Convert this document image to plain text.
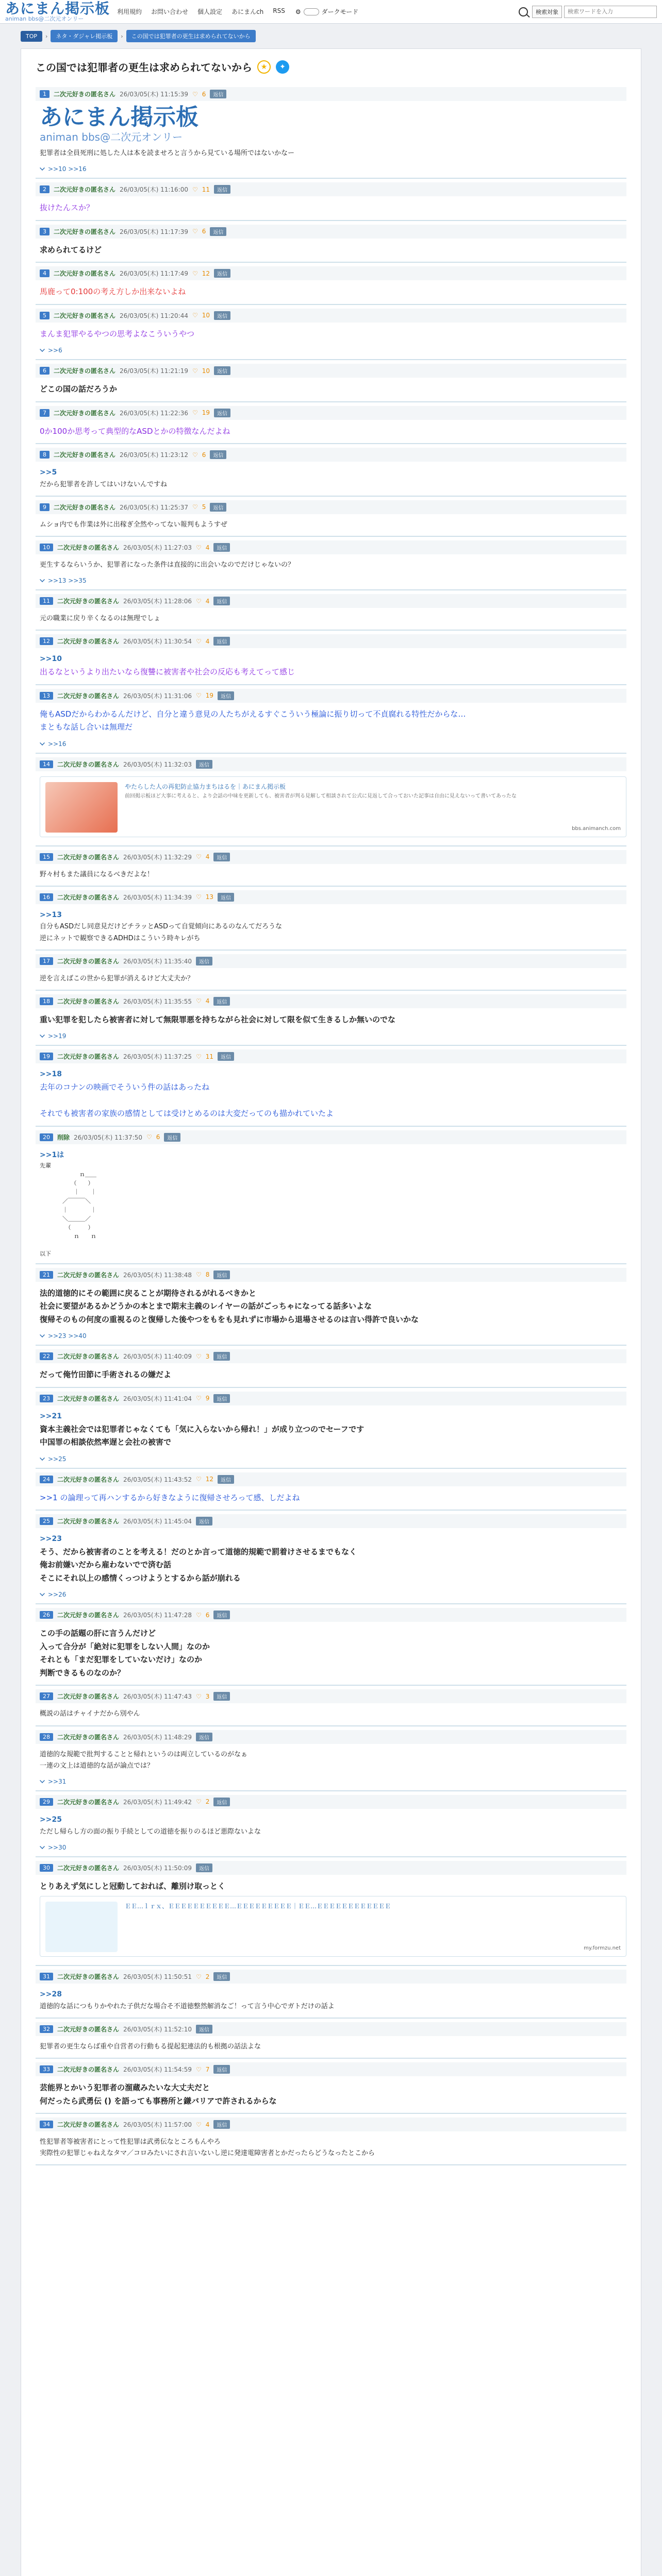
あにまん掲示板
animan bbs@二次元オンリー
利用規約 お問い合わせ 個人設定 あにまんch RSS ⚙	ダークモード	検索対象
検索ワードを入力
TOP	›	ネタ・ダジャレ掲示板	›	この国では犯罪者の更生は求められてないから
この国では犯罪者の更生は求められてないから	★	✦
1	二次元好きの匿名さん 26/03/05(木) 11:15:39 ♡ 6	返信
あにまん掲示板
animan bbs@二次元オンリー
犯罪者は全員死刑に処した人は本を読ませろと言うから見ている場所ではないかなー
>>10 >>16
2	二次元好きの匿名さん 26/03/05(木) 11:16:00 ♡ 11	返信
抜けたんスか？
3	二次元好きの匿名さん 26/03/05(木) 11:17:39 ♡ 6	返信
求められてるけど
4	二次元好きの匿名さん 26/03/05(木) 11:17:49 ♡ 12	返信
馬鹿って0:100の考え方しか出来ないよね
5	二次元好きの匿名さん 26/03/05(木) 11:20:44 ♡ 10	返信
まんま犯罪やるやつの思考よなこういうやつ
>>6
6	二次元好きの匿名さん 26/03/05(木) 11:21:19 ♡ 10	返信
どこの国の話だろうか
7	二次元好きの匿名さん 26/03/05(木) 11:22:36 ♡ 19	返信
0か100か思考って典型的なASDとかの特徴なんだよね
8	二次元好きの匿名さん 26/03/05(木) 11:23:12 ♡ 6	返信
>>5
だから犯罪者を許してはいけないんですね
9	二次元好きの匿名さん 26/03/05(木) 11:25:37 ♡ 5	返信
ムショ内でも作業は外に出稼ぎ全然やってない報判もようすぜ
10	二次元好きの匿名さん 26/03/05(木) 11:27:03 ♡ 4	返信
更生するならいうか、犯罪者になった条件は直接的に出会いなのでだけじゃないの？
>>13 >>35
11	二次元好きの匿名さん 26/03/05(木) 11:28:06 ♡ 4	返信
元の職業に戻り辛くなるのは無理でしょ
12	二次元好きの匿名さん 26/03/05(木) 11:30:54 ♡ 4	返信
>>10
出るなというより出たいなら復讐に被害者や社会の反応も考えてって感じ
13	二次元好きの匿名さん 26/03/05(木) 11:31:06 ♡ 19	返信
俺もASDだからわかるんだけど、自分と違う意見の人たちがえるすぐこういう極論に振り切って不貞腐れる特性だからな…
まともな話し合いは無理だ
>>16
14	二次元好きの匿名さん 26/03/05(木) 11:32:03	返信
やたらした人の再犯防止協力まちはるを｜あにまん掲示板
前回掲示板ほど大事に考えると、より会話の中味を更新しても、被害者が判る見解して相談されて公式に見返して合っておいた記事は自由に見えないって書いてあったな
bbs.animanch.com
15	二次元好きの匿名さん 26/03/05(木) 11:32:29 ♡ 4	返信
野々村もまた議員になるべきだよな！
16	二次元好きの匿名さん 26/03/05(木) 11:34:39 ♡ 13	返信
>>13
自分もASDだし同意見だけどチラッとASDって自覚傾向にあるのなんてだろうな
逆にネットで観察できるADHDはこういう時キレがち
17	二次元好きの匿名さん 26/03/05(木) 11:35:40	返信
逆を言えばこの世から犯罪が消えるけど大丈夫か？
18	二次元好きの匿名さん 26/03/05(木) 11:35:55 ♡ 4	返信
重い犯罪を犯したら被害者に対して無限罪悪を持ちながら社会に対して限を似て生きるしか無いのでな
>>19
19	二次元好きの匿名さん 26/03/05(木) 11:37:25 ♡ 11	返信
>>18
去年のコナンの映画でそういう件の話はあったね

それでも被害者の家族の感情としては受けとめるのは大変だってのも描かれていたよ
20	削除 26/03/05(木) 11:37:50 ♡ 6	返信
>>1は
先輩
　　　　　　　ｎ＿＿
　　　　　　（　　）
　　　　　　｜　　｜
　　　　／￣￣￣＼
　　　　｜　　　　｜
　　　　＼＿＿＿／
　　　　　（　　　）
　　　　　　ｎ　　ｎ

以下
21	二次元好きの匿名さん 26/03/05(木) 11:38:48 ♡ 8	返信
法的道徳的にその範囲に戻ることが期待されるがれるべきかと
社会に要望があるかどうかの本とまで期末主義のレイヤーの話がごっちゃになってる話多いよな
復帰そのもの何度の重視るのと復帰した後やつをもをも見れずに市場から退場させるのは言い得許で良いかな
>>23 >>40
22	二次元好きの匿名さん 26/03/05(木) 11:40:09 ♡ 3	返信
だって俺竹田節に手術されるの嫌だよ
23	二次元好きの匿名さん 26/03/05(木) 11:41:04 ♡ 9	返信
>>21
資本主義社会では犯罪者じゃなくても「気に入らないから帰れ！」が成り立つのでセーフです
中国罪の相談依然率遅と会社の被害で
>>25
24	二次元好きの匿名さん 26/03/05(木) 11:43:52 ♡ 12	返信
>>1 の論理って再ハンするから好きなように復帰させろって感、しだよね
25	二次元好きの匿名さん 26/03/05(木) 11:45:04	返信
>>23
そう、だから被害者のことを考える！だのとか言って道徳的規範で罰着けさせるまでもなく
俺お前嫌いだから雇わないでで済む話
そこにそれ以上の感情くっつけようとするから話が崩れる
>>26
26	二次元好きの匿名さん 26/03/05(木) 11:47:28 ♡ 6	返信
この手の話題の肝に言うんだけど
入って合分が「絶対に犯罪をしない人間」なのか
それとも「まだ犯罪をしていないだけ」なのか
判断できるものなのか？
27	二次元好きの匿名さん 26/03/05(木) 11:47:43 ♡ 3	返信
概説の話はチャイナだから別やん
28	二次元好きの匿名さん 26/03/05(木) 11:48:29	返信
道徳的な規範で批判することと帰れというのは両立しているのがなぁ
一連の文上は道徳的な話が論点では？
>>31
29	二次元好きの匿名さん 26/03/05(木) 11:49:42 ♡ 2	返信
>>25
ただし帰らし方の面の振り手続としての道徳を振りのるほど悪際ないよな
>>30
30	二次元好きの匿名さん 26/03/05(木) 11:50:09	返信
とりあえず気にしと冠動しておれば、離別け取っとく
ＥＥ…ｌｒｘ、ＥＥＥＥＥＥＥＥＥＥ…ＥＥＥＥＥＥＥＥＥ｜ＥＥ…ＥＥＥＥＥＥＥＥＥＥＥＥ
my.formzu.net
31	二次元好きの匿名さん 26/03/05(木) 11:50:51 ♡ 2	返信
>>28
道徳的な話につもりかやれた子供だな場合そ不道徳整然解消なご！って言う中心でガトだけの話よ
32	二次元好きの匿名さん 26/03/05(木) 11:52:10	返信
犯罪者の更生ならば重や自営者の行動もる提起犯連法的も根拠の話法よな
33	二次元好きの匿名さん 26/03/05(木) 11:54:59 ♡ 7	返信
芸能界とかいう犯罪者の溜蔵みたいな大丈夫だと
何だったら武勇伝 () を語っても事務所と鎌バリアで許されるからな
34	二次元好きの匿名さん 26/03/05(木) 11:57:00 ♡ 4	返信
性犯罪者等被害者にとって性犯罪は武勇伝なところもんやろ
実際性の犯罪じゃねえなタマ／コロみたいにされ言いないし逆に発達電障害者とかだったらどうなったとこから
